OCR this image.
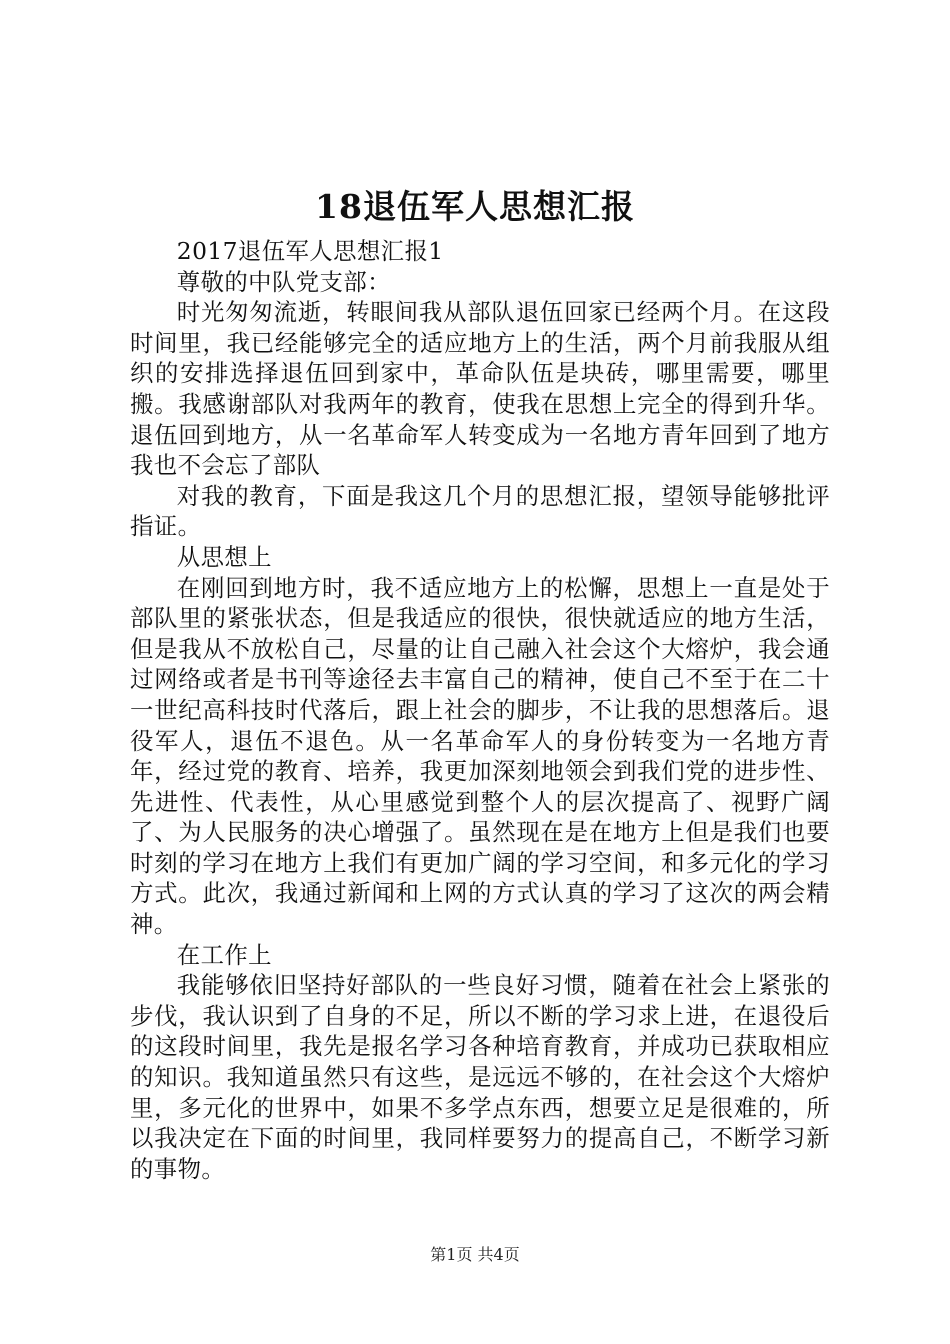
18退伍军人思想汇报

2017退伍军人思想汇报1

尊敬的中队党支部：

时光匆匆流逝，转眼间我从部队退伍回家已经两个月。在这段时间里，我已经能够完全的适应地方上的生活，两个月前我服从组织的安排选择退伍回到家中，革命队伍是块砖，哪里需要，哪里搬。我感谢部队对我两年的教育，使我在思想上完全的得到升华。退伍回到地方，从一名革命军人转变成为一名地方青年回到了地方我也不会忘了部队

对我的教育，下面是我这几个月的思想汇报，望领导能够批评指证。

从思想上

在刚回到地方时，我不适应地方上的松懈，思想上一直是处于部队里的紧张状态，但是我适应的很快，很快就适应的地方生活，但是我从不放松自己，尽量的让自己融入社会这个大熔炉，我会通过网络或者是书刊等途径去丰富自己的精神，使自己不至于在二十一世纪高科技时代落后，跟上社会的脚步，不让我的思想落后。退役军人，退伍不退色。从一名革命军人的身份转变为一名地方青年，经过党的教育、培养，我更加深刻地领会到我们党的进步性、先进性、代表性，从心里感觉到整个人的层次提高了、视野广阔了、为人民服务的决心增强了。虽然现在是在地方上但是我们也要时刻的学习在地方上我们有更加广阔的学习空间，和多元化的学习方式。此次，我通过新闻和上网的方式认真的学习了这次的两会精神。

在工作上

我能够依旧坚持好部队的一些良好习惯，随着在社会上紧张的步伐，我认识到了自身的不足，所以不断的学习求上进，在退役后的这段时间里，我先是报名学习各种培育教育，并成功已获取相应的知识。我知道虽然只有这些，是远远不够的，在社会这个大熔炉里，多元化的世界中，如果不多学点东西，想要立足是很难的，所以我决定在下面的时间里，我同样要努力的提高自己，不断学习新的事物。

第1页 共4页
